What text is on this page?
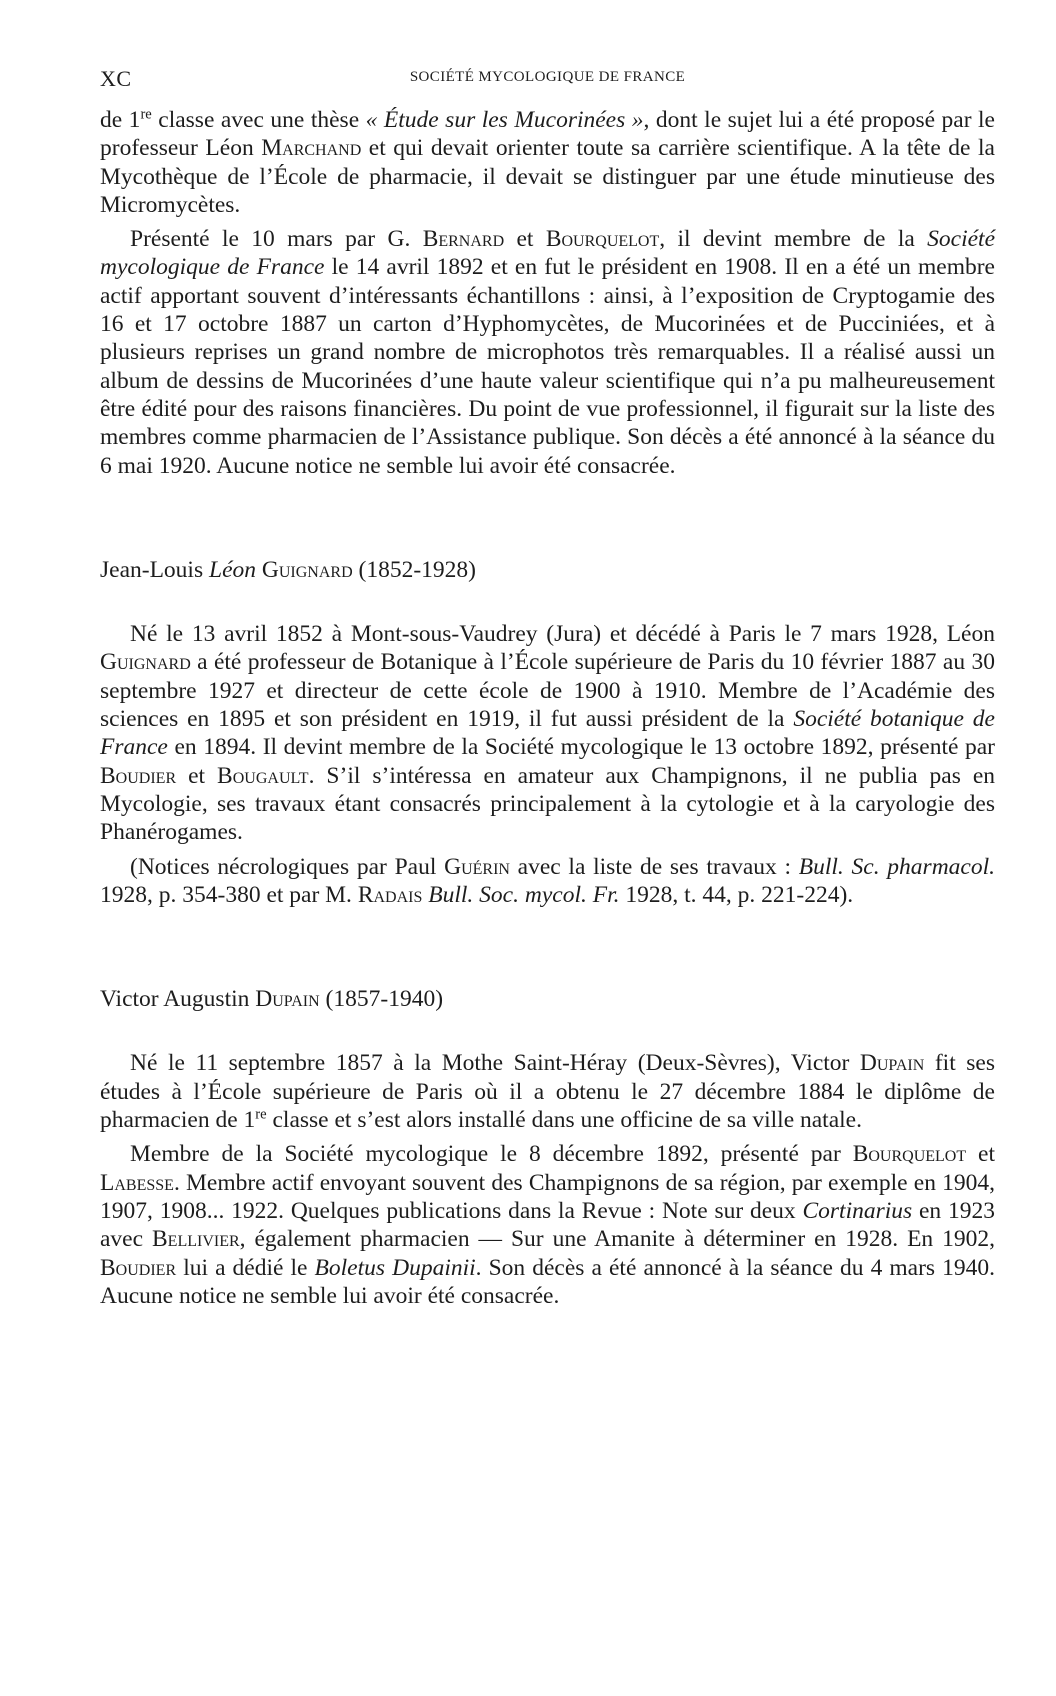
XC	SOCIÉTÉ MYCOLOGIQUE DE FRANCE

de 1re classe avec une thèse « Étude sur les Mucorinées », dont le sujet lui a été proposé par le professeur Léon Marchand et qui devait orienter toute sa carrière scientifique. A la tête de la Mycothèque de l’École de pharmacie, il devait se distinguer par une étude minutieuse des Micromycètes.

Présenté le 10 mars par G. Bernard et Bourquelot, il devint membre de la Société mycologique de France le 14 avril 1892 et en fut le président en 1908. Il en a été un membre actif apportant souvent d’intéressants échantillons : ainsi, à l’exposition de Cryptogamie des 16 et 17 octobre 1887 un carton d’Hyphomycètes, de Mucorinées et de Pucciniées, et à plusieurs reprises un grand nombre de microphotos très remarquables. Il a réalisé aussi un album de dessins de Mucorinées d’une haute valeur scientifique qui n’a pu malheureusement être édité pour des raisons financières. Du point de vue professionnel, il figurait sur la liste des membres comme pharmacien de l’Assistance publique. Son décès a été annoncé à la séance du 6 mai 1920. Aucune notice ne semble lui avoir été consacrée.

Jean-Louis Léon Guignard (1852-1928)

Né le 13 avril 1852 à Mont-sous-Vaudrey (Jura) et décédé à Paris le 7 mars 1928, Léon Guignard a été professeur de Botanique à l’École supérieure de Paris du 10 février 1887 au 30 septembre 1927 et directeur de cette école de 1900 à 1910. Membre de l’Académie des sciences en 1895 et son président en 1919, il fut aussi président de la Société botanique de France en 1894. Il devint membre de la Société mycologique le 13 octobre 1892, présenté par Boudier et Bougault. S’il s’intéressa en amateur aux Champignons, il ne publia pas en Mycologie, ses travaux étant consacrés principalement à la cytologie et à la caryologie des Phanérogames.

(Notices nécrologiques par Paul Guérin avec la liste de ses travaux : Bull. Sc. pharmacol. 1928, p. 354-380 et par M. Radais Bull. Soc. mycol. Fr. 1928, t. 44, p. 221-224).

Victor Augustin Dupain (1857-1940)

Né le 11 septembre 1857 à la Mothe Saint-Héray (Deux-Sèvres), Victor Dupain fit ses études à l’École supérieure de Paris où il a obtenu le 27 décembre 1884 le diplôme de pharmacien de 1re classe et s’est alors installé dans une officine de sa ville natale.

Membre de la Société mycologique le 8 décembre 1892, présenté par Bourquelot et Labesse. Membre actif envoyant souvent des Champignons de sa région, par exemple en 1904, 1907, 1908... 1922. Quelques publications dans la Revue : Note sur deux Cortinarius en 1923 avec Bellivier, également pharmacien — Sur une Amanite à déterminer en 1928. En 1902, Boudier lui a dédié le Boletus Dupainii. Son décès a été annoncé à la séance du 4 mars 1940. Aucune notice ne semble lui avoir été consacrée.
